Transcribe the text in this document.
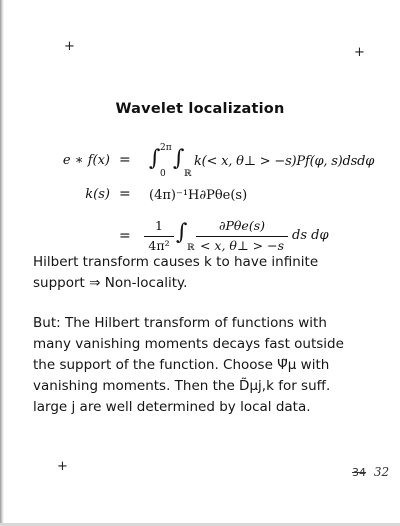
+	+
+
Wavelet localization
e ∗ f(x) = ∫ 2π
0
∫
ℝ
k(< x, θ⊥ > −s)Pf(φ, s)dsdφ
k(s) = (4π)⁻¹H∂Pθe(s)
=
1
4π²
∫
ℝ
∂Pθe(s)
< x, θ⊥ > −s
ds dφ
Hilbert transform causes k to have infinite
support ⇒ Non-locality.
But: The Hilbert transform of functions with
many vanishing moments decays fast outside
the support of the function. Choose Ψ̃μ with
vanishing moments. Then the D̃μj,k for suff.
large j are well determined by local data.
34 32
